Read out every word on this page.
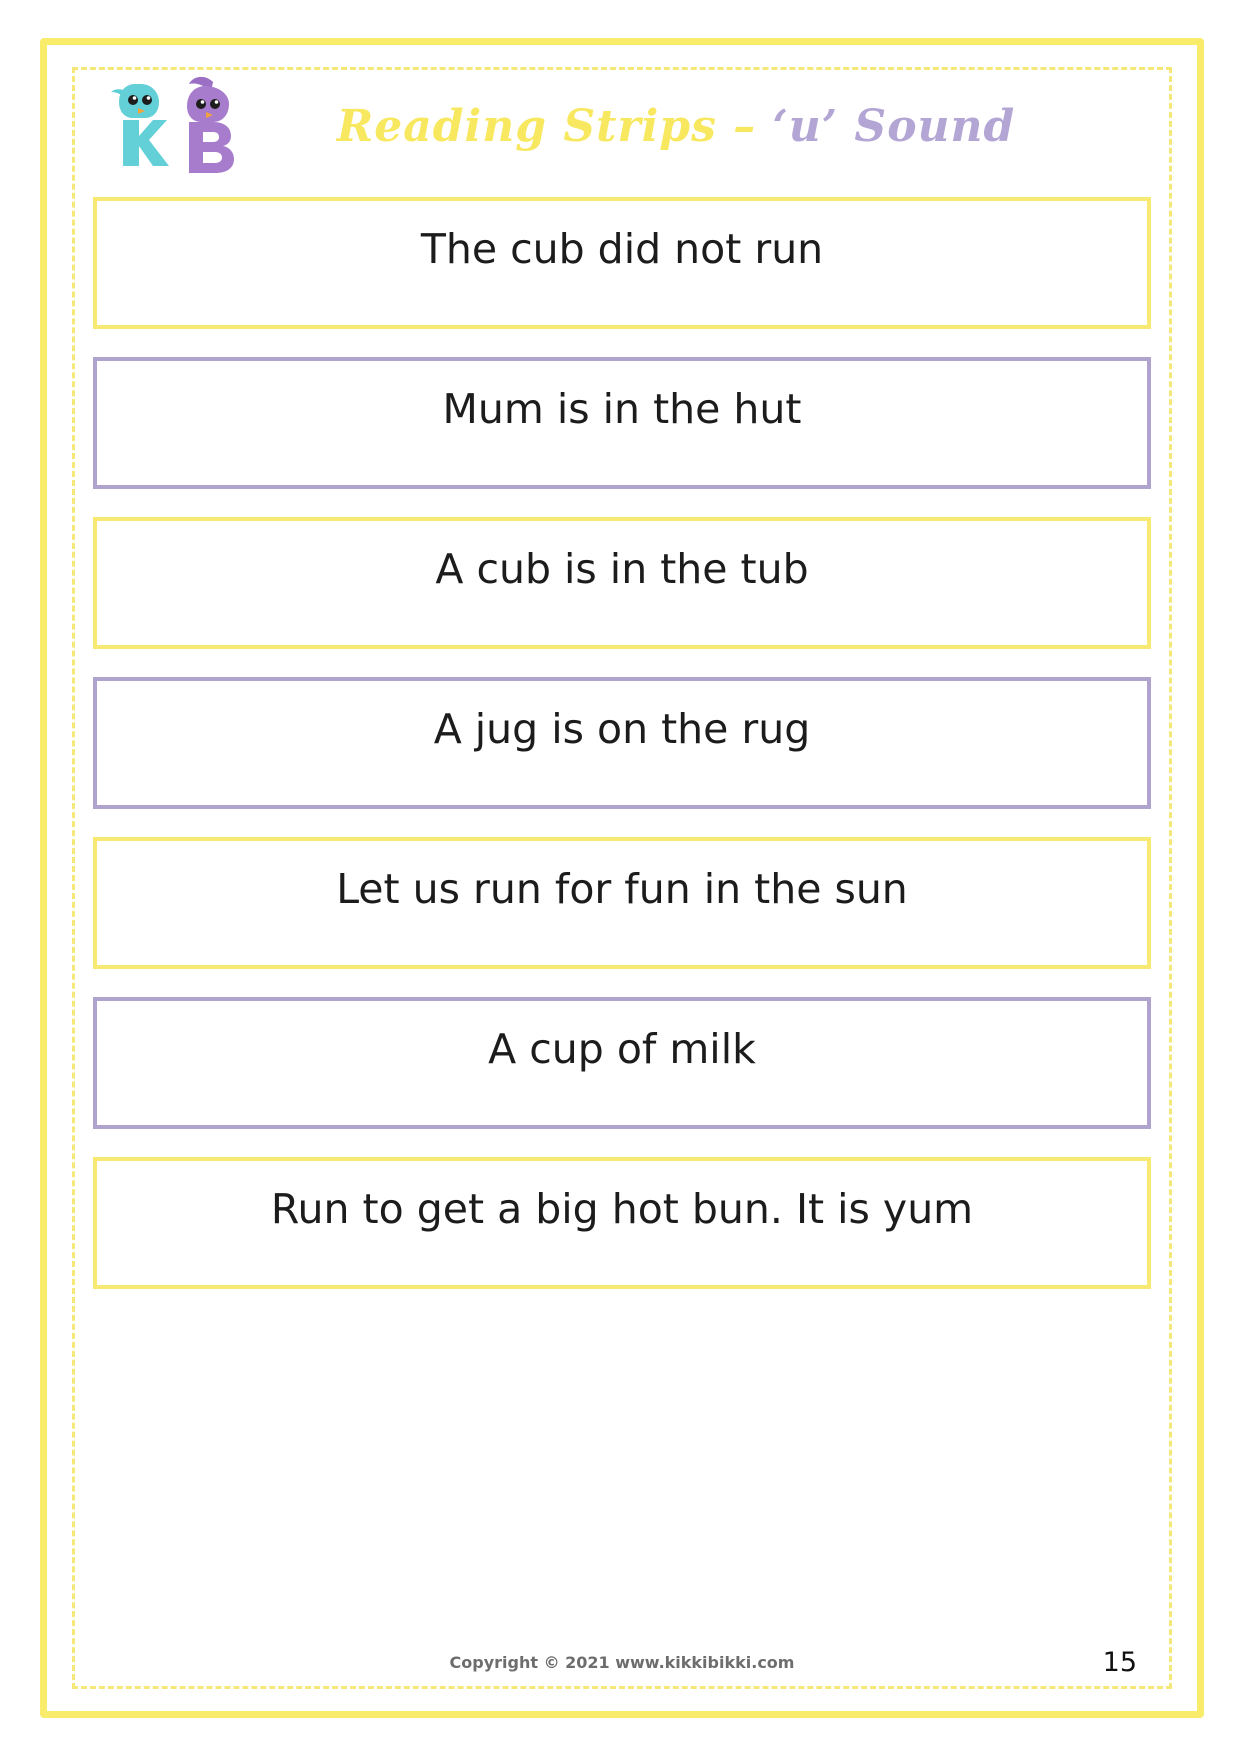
Reading Strips – ‘u’ Sound
The cub did not run
Mum is in the hut
A cub is in the tub
A jug is on the rug
Let us run for fun in the sun
A cup of milk
Run to get a big hot bun. It is yum
Copyright © 2021 www.kikkibikki.com	15
